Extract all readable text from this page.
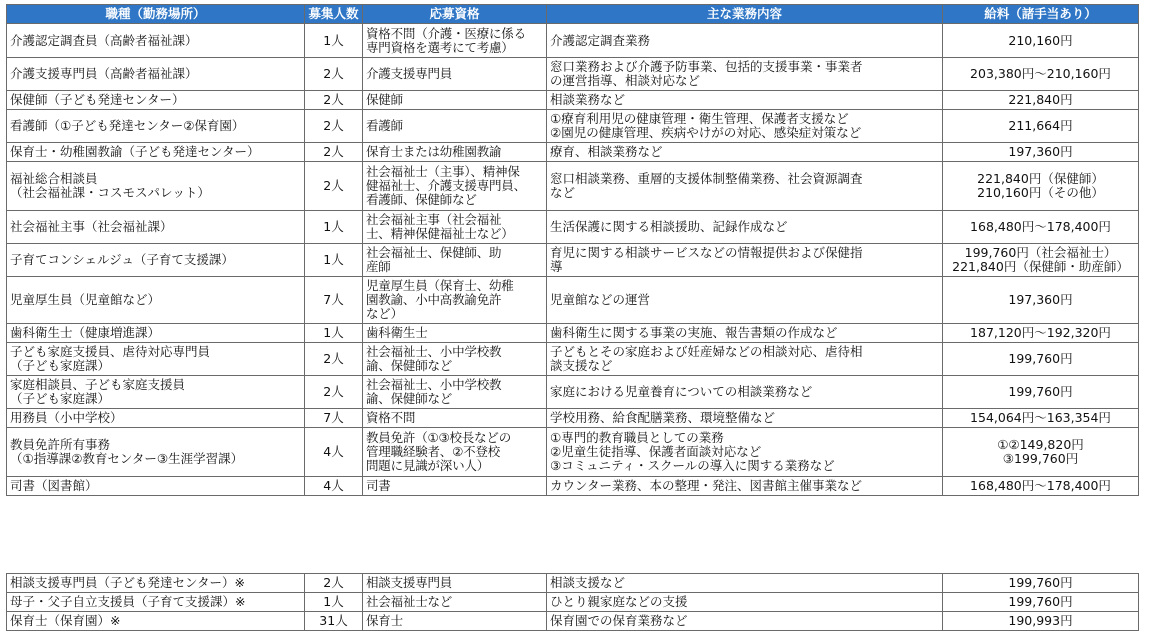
職種（勤務場所）	募集人数	応募資格	主な業務内容	給料（諸手当あり）

介護認定調査員（高齢者福祉課）	1人	資格不問（介護・医療に係る
専門資格を選考にて考慮）	介護認定調査業務	210,160円

介護支援専門員（高齢者福祉課）	2人	介護支援専門員	窓口業務および介護予防事業、包括的支援事業・事業者
の運営指導、相談対応など	203,380円～210,160円

保健師（子ども発達センター）	2人	保健師	相談業務など	221,840円

看護師（①子ども発達センター②保育園）	2人	看護師	①療育利用児の健康管理・衛生管理、保護者支援など
②園児の健康管理、疾病やけがの対応、感染症対策など	211,664円

保育士・幼稚園教諭（子ども発達センター）	2人	保育士または幼稚園教諭	療育、相談業務など	197,360円

福祉総合相談員
（社会福祉課・コスモスパレット）	2人	社会福祉士（主事）、精神保
健福祉士、介護支援専門員、
看護師、保健師など	窓口相談業務、重層的支援体制整備業務、社会資源調査
など	221,840円（保健師）
210,160円（その他）

社会福祉主事（社会福祉課）	1人	社会福祉主事（社会福祉
士、精神保健福祉士など）	生活保護に関する相談援助、記録作成など	168,480円～178,400円

子育てコンシェルジュ（子育て支援課）	1人	社会福祉士、保健師、助
産師	育児に関する相談サービスなどの情報提供および保健指
導	199,760円（社会福祉士）
221,840円（保健師・助産師）

児童厚生員（児童館など）	7人	児童厚生員（保育士、幼稚
園教諭、小中高教諭免許
など）	児童館などの運営	197,360円

歯科衛生士（健康増進課）	1人	歯科衛生士	歯科衛生に関する事業の実施、報告書類の作成など	187,120円～192,320円

子ども家庭支援員、虐待対応専門員
（子ども家庭課）	2人	社会福祉士、小中学校教
諭、保健師など	子どもとその家庭および妊産婦などの相談対応、虐待相
談支援など	199,760円

家庭相談員、子ども家庭支援員
（子ども家庭課）	2人	社会福祉士、小中学校教
諭、保健師など	家庭における児童養育についての相談業務など	199,760円

用務員（小中学校）	7人	資格不問	学校用務、給食配膳業務、環境整備など	154,064円～163,354円

教員免許所有事務
（①指導課②教育センター③生涯学習課）	4人	教員免許（①③校長などの
管理職経験者、②不登校
問題に見識が深い人）	①専門的教育職員としての業務
②児童生徒指導、保護者面談対応など
③コミュニティ・スクールの導入に関する業務など	①②149,820円
③199,760円

司書（図書館）	4人	司書	カウンター業務、本の整理・発注、図書館主催事業など	168,480円～178,400円
相談支援専門員（子ども発達センター）※	2人	相談支援専門員	相談支援など	199,760円

母子・父子自立支援員（子育て支援課）※	1人	社会福祉士など	ひとり親家庭などの支援	199,760円

保育士（保育園）※	31人	保育士	保育園での保育業務など	190,993円
